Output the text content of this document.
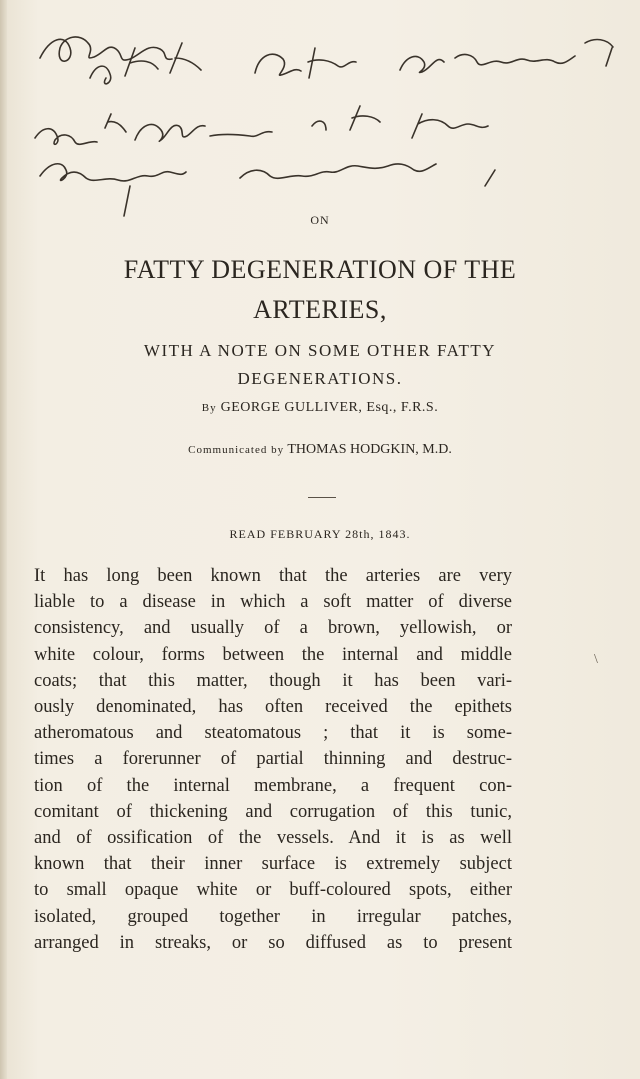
ON
FATTY DEGENERATION OF THE
ARTERIES,
WITH A NOTE ON SOME OTHER FATTY
DEGENERATIONS.
By GEORGE GULLIVER, Esq., F.R.S.
Communicated by THOMAS HODGKIN, M.D.
READ FEBRUARY 28th, 1843.
It has long been known that the arteries are very
liable to a disease in which a soft matter of diverse
consistency, and usually of a brown, yellowish, or
white colour, forms between the internal and middle
coats; that this matter, though it has been vari-
ously denominated, has often received the epithets
atheromatous and steatomatous ; that it is some-
times a forerunner of partial thinning and destruc-
tion of the internal membrane, a frequent con-
comitant of thickening and corrugation of this tunic,
and of ossification of the vessels. And it is as well
known that their inner surface is extremely subject
to small opaque white or buff-coloured spots, either
isolated, grouped together in irregular patches,
arranged in streaks, or so diffused as to present
\
